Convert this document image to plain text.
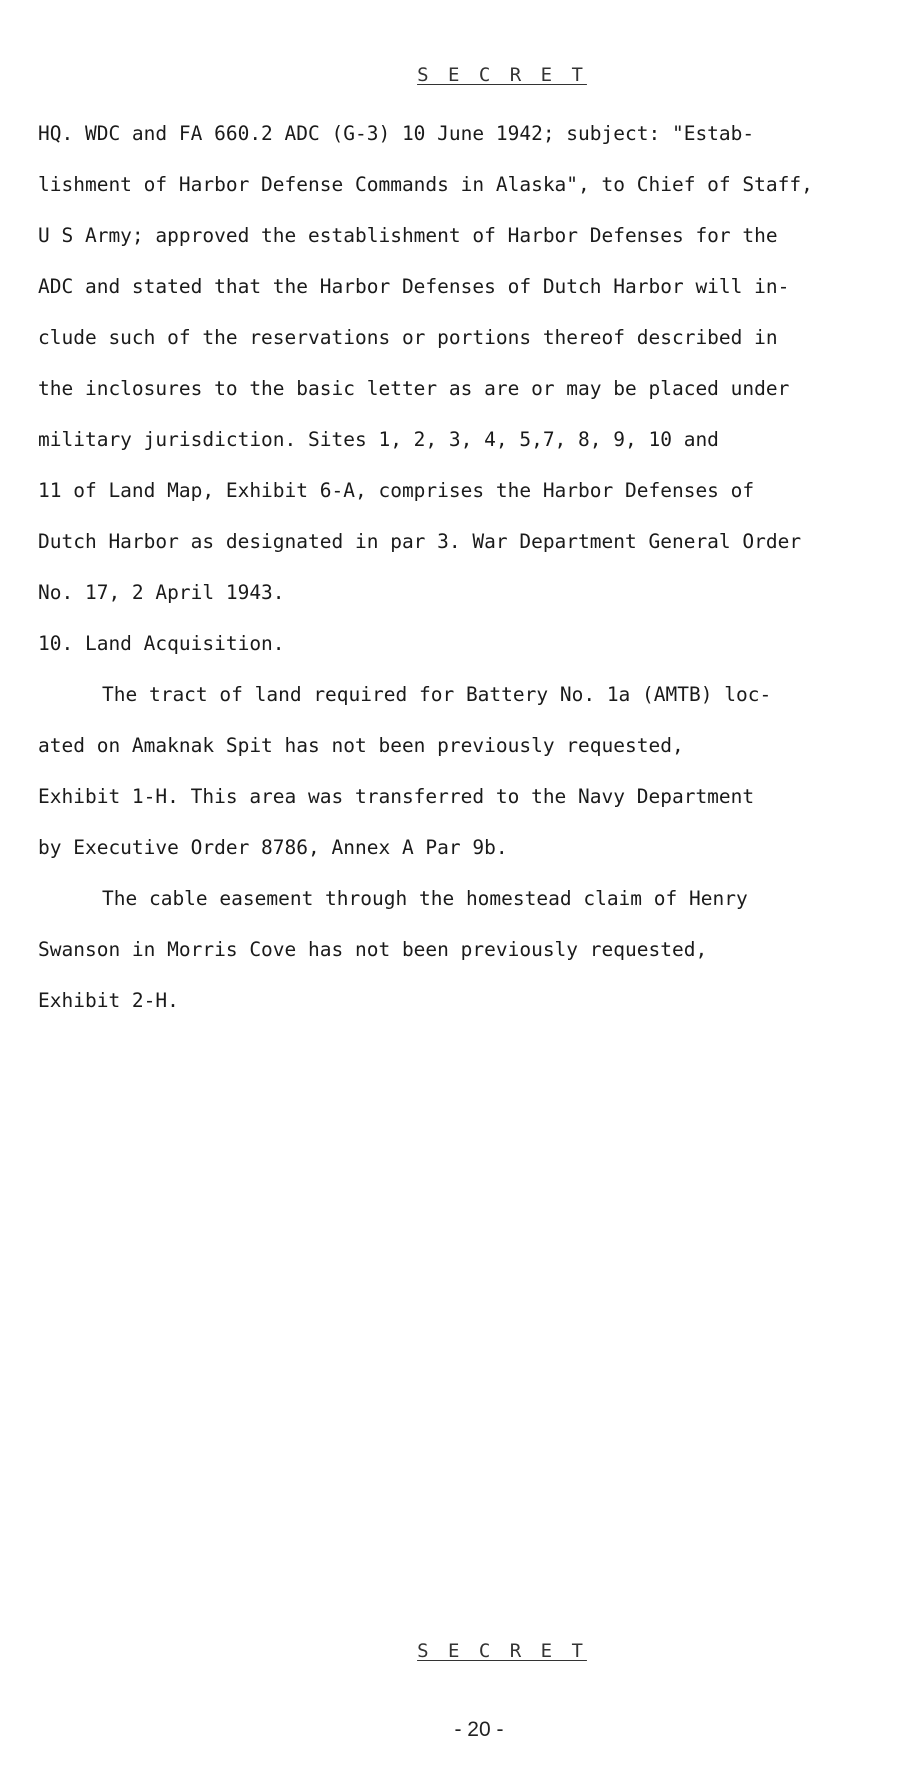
S E C R E T
HQ. WDC and FA 660.2 ADC (G-3) 10 June 1942; subject: "Estab-
lishment of Harbor Defense Commands in Alaska", to Chief of Staff,
U S Army; approved the establishment of Harbor Defenses for the
ADC and stated that the Harbor Defenses of Dutch Harbor will in-
clude such of the reservations or portions thereof described in
the inclosures to the basic letter as are or may be placed under
military jurisdiction. Sites 1, 2, 3, 4, 5,7, 8, 9, 10 and
11 of Land Map, Exhibit 6-A, comprises the Harbor Defenses of
Dutch Harbor as designated in par 3. War Department General Order
No. 17, 2 April 1943.
10. Land Acquisition.
The tract of land required for Battery No. 1a (AMTB) loc-
ated on Amaknak Spit has not been previously requested,
Exhibit 1-H. This area was transferred to the Navy Department
by Executive Order 8786, Annex A Par 9b.
The cable easement through the homestead claim of Henry
Swanson in Morris Cove has not been previously requested,
Exhibit 2-H.
S E C R E T
- 20 -
